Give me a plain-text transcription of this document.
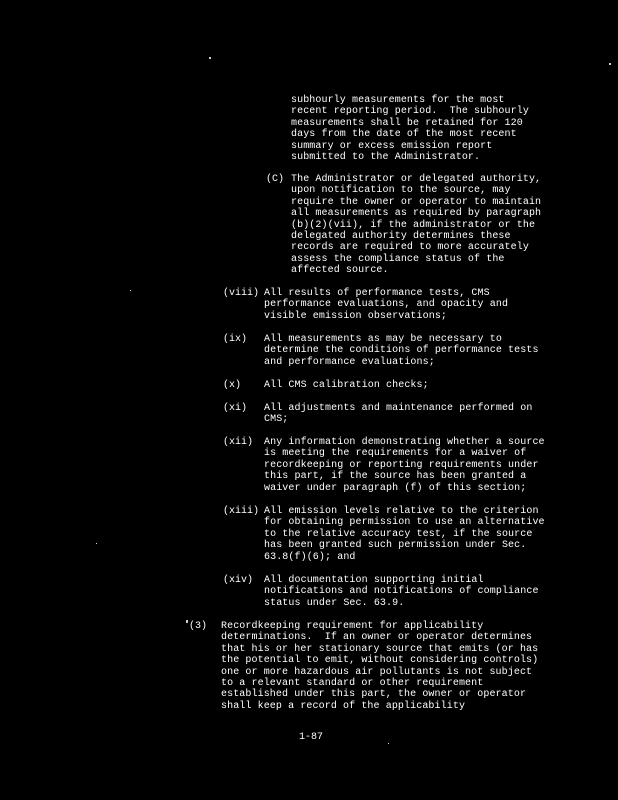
subhourly measurements for the most
recent reporting period.  The subhourly
measurements shall be retained for 120
days from the date of the most recent
summary or excess emission report
submitted to the Administrator.
(C) The Administrator or delegated authority,
upon notification to the source, may
require the owner or operator to maintain
all measurements as required by paragraph
(b)(2)(vii), if the administrator or the
delegated authority determines these
records are required to more accurately
assess the compliance status of the
affected source.
(viii) All results of performance tests, CMS
performance evaluations, and opacity and
visible emission observations;
(ix) All measurements as may be necessary to
determine the conditions of performance tests
and performance evaluations;
(x) All CMS calibration checks;
(xi) All adjustments and maintenance performed on
CMS;
(xii) Any information demonstrating whether a source
is meeting the requirements for a waiver of
recordkeeping or reporting requirements under
this part, if the source has been granted a
waiver under paragraph (f) of this section;
(xiii) All emission levels relative to the criterion
for obtaining permission to use an alternative
to the relative accuracy test, if the source
has been granted such permission under Sec.
63.8(f)(6); and
(xiv) All documentation supporting initial
notifications and notifications of compliance
status under Sec. 63.9.
(3) Recordkeeping requirement for applicability
determinations.  If an owner or operator determines
that his or her stationary source that emits (or has
the potential to emit, without considering controls)
one or more hazardous air pollutants is not subject
to a relevant standard or other requirement
established under this part, the owner or operator
shall keep a record of the applicability
1-87
